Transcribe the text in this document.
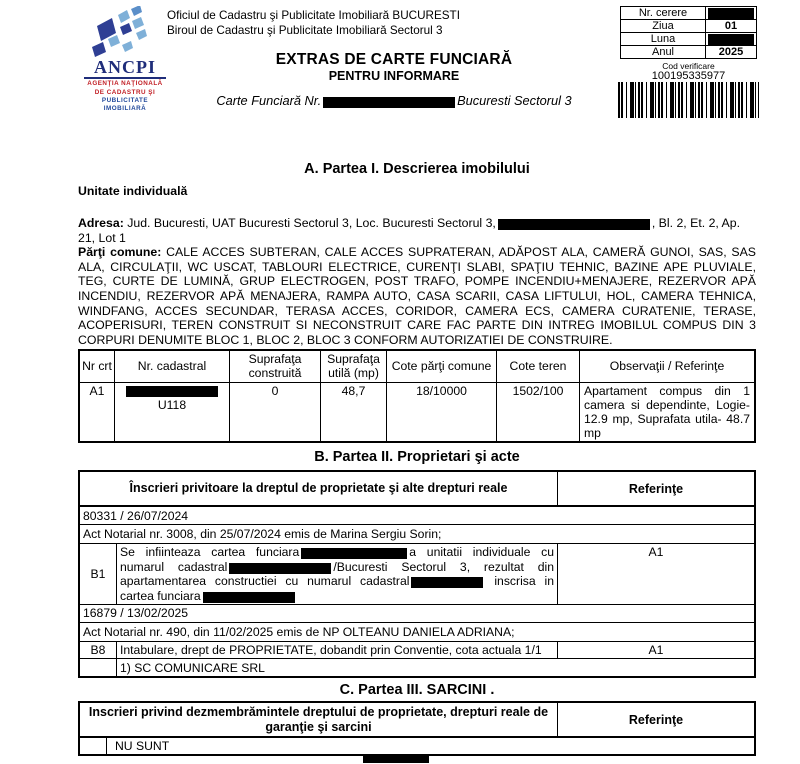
ANCPI
AGENŢIA NAŢIONALĂ
DE CADASTRU ŞI
PUBLICITATE IMOBILIARĂ
Oficiul de Cadastru şi Publicitate Imobiliară BUCURESTI
Biroul de Cadastru şi Publicitate Imobiliară Sectorul 3
EXTRAS DE CARTE FUNCIARĂ
PENTRU INFORMARE
Carte Funciară Nr.	Bucuresti Sectorul 3
Nr. cerere	

Ziua	01
Luna	

Anul	2025
Cod verificare
100195335977
A. Partea I. Descrierea imobilului
Unitate individuală

Adresa: Jud. Bucuresti, UAT Bucuresti Sectorul 3, Loc. Bucuresti Sectorul 3,	, Bl. 2, Et. 2, Ap. 21, Lot 1

Părţi comune: CALE ACCES SUBTERAN, CALE ACCES SUPRATERAN, ADĂPOST ALA, CAMERĂ GUNOI, SAS, SAS ALA, CIRCULAŢII, WC USCAT, TABLOURI ELECTRICE, CURENŢI SLABI, SPAŢIU TEHNIC, BAZINE APE PLUVIALE, TEG, CURTE DE LUMINĂ, GRUP ELECTROGEN, POST TRAFO, POMPE INCENDIU+MENAJERE, REZERVOR APĂ INCENDIU, REZERVOR APĂ MENAJERA, RAMPA AUTO, CASA SCARII, CASA LIFTULUI, HOL, CAMERA TEHNICA, WINDFANG, ACCES SECUNDAR, TERASA ACCES, CORIDOR, CAMERA ECS, CAMERA CURATENIE, TERASE, ACOPERISURI, TEREN CONSTRUIT SI NECONSTRUIT CARE FAC PARTE DIN INTREG IMOBILUL COMPUS DIN 3 CORPURI DENUMITE BLOC 1, BLOC 2, BLOC 3 CONFORM AUTORIZATIEI DE CONSTRUIRE.

Nr crt	Nr. cadastral	Suprafaţa construită	Suprafaţa utilă (mp)	Cote părţi comune	Cote teren	Observaţii / Referinţe
A1	U118	0	48,7	18/10000	1502/100	Apartament compus din 1 camera si dependinte, Logie- 12.9 mp, Suprafata utila- 48.7 mp
B. Partea II. Proprietari şi acte
Înscrieri privitoare la dreptul de proprietate şi alte drepturi reale		Referinţe
80331 / 26/07/2024		
Act Notarial nr. 3008, din 25/07/2024 emis de Marina Sergiu Sorin;		
B1	Se infiinteaza cartea funciara a unitatii individuale cu numarul cadastral /Bucuresti Sectorul 3, rezultat din apartamentarea constructiei cu numarul cadastral inscrisa in cartea funciara	A1
16879 / 13/02/2025		
Act Notarial nr. 490, din 11/02/2025 emis de NP OLTEANU DANIELA ADRIANA;		
B8	Intabulare, drept de PROPRIETATE, dobandit prin Conventie, cota actuala 1/1	A1
	1) SC COMUNICARE SRL	
C. Partea III. SARCINI .
Inscrieri privind dezmembrămintele dreptului de proprietate, drepturi reale de garanţie şi sarcini		Referinţe
	NU SUNT	
